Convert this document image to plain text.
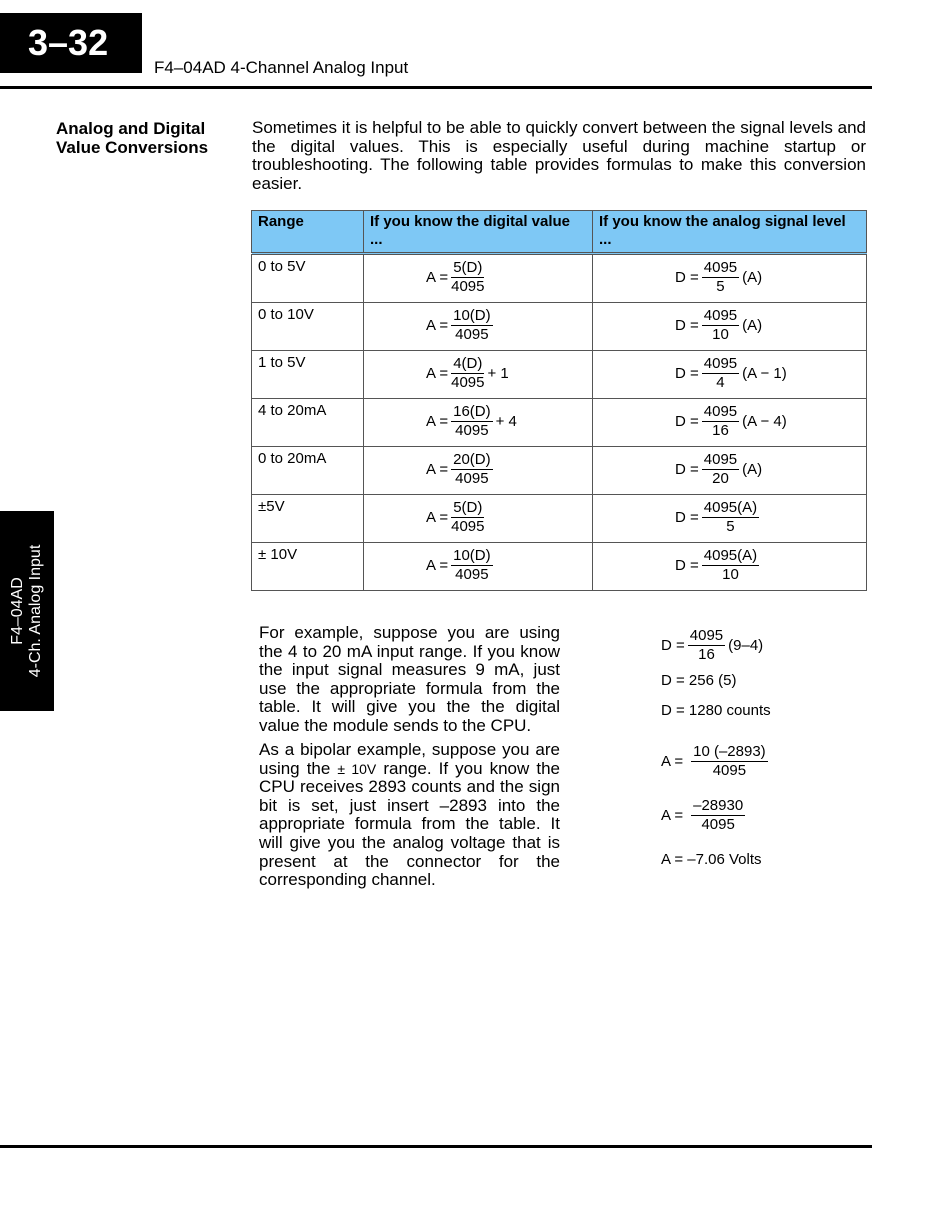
3–32
F4–04AD 4-Channel Analog Input
F4–04AD 4-Ch. Analog Input
Analog and Digital
Value Conversions
Sometimes it is helpful to be able to quickly convert between the signal levels and the digital values. This is especially useful during machine startup or troubleshooting. The following table provides formulas to make this conversion easier.
Range	If you know the digital value ...	If you know the analog signal level ...
0 to 5V	$A = \frac{5(D)}{4095}$	$D = \frac{4095}{5} (A)$

0 to 10V	$A = \frac{10(D)}{4095}$	$D = \frac{4095}{10} (A)$

1 to 5V	$A = \frac{4(D)}{4095} + 1$	$D = \frac{4095}{4} (A - 1)$

4 to 20mA	$A = \frac{16(D)}{4095} + 4$	$D = \frac{4095}{16} (A - 4)$

0 to 20mA	$A = \frac{20(D)}{4095}$	$D = \frac{4095}{20} (A)$

±5V	$A = \frac{5(D)}{4095}$	$D = \frac{4095(A)}{5}$

± 10V	$A = \frac{10(D)}{4095}$	$D = \frac{4095(A)}{10}$
For example, suppose you are using the 4 to 20 mA input range. If you know the input signal measures 9 mA, just use the appropriate formula from the table. It will give you the the digital value the module sends to the CPU.
As a bipolar example, suppose you are using the ± 10V range. If you know the CPU receives 2893 counts and the sign bit is set, just insert –2893 into the appropriate formula from the table. It will give you the analog voltage that is present at the connector for the corresponding channel.
$D = \frac{4095}{16} (9-4)$
D = 256 (5)
D = 1280 counts
$A = \frac{10 (-2893)}{4095}$
$A = \frac{-28930}{4095}$
A = –7.06 Volts
